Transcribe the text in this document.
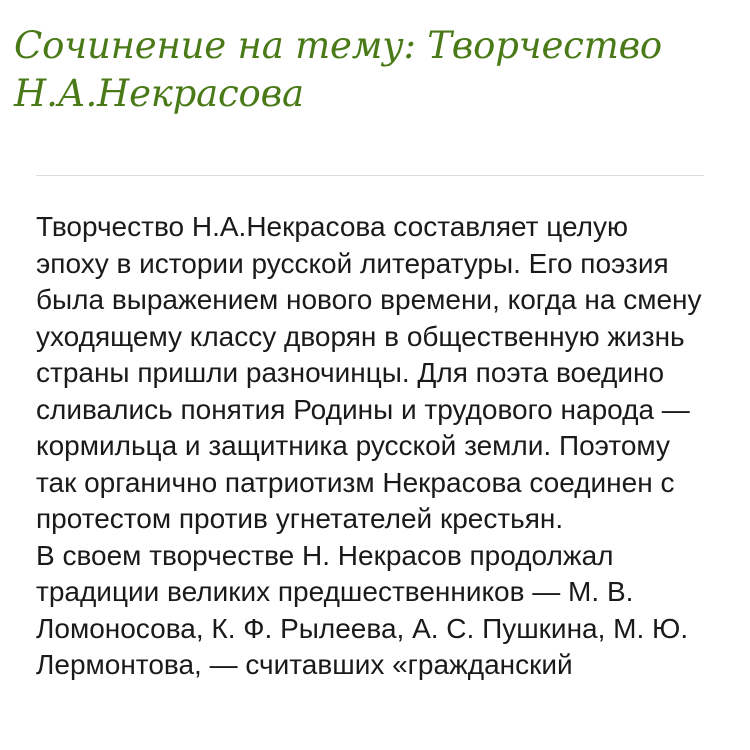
Сочинение на тему: Творчество Н.А.Некрасова

Творчество Н.А.Некрасова составляет целую эпоху в истории русской литературы. Его поэзия была выражением нового времени, когда на смену уходящему классу дворян в общественную жизнь страны пришли разночинцы. Для поэта воедино сливались понятия Родины и трудового народа — кормильца и защитника русской земли. Поэтому так органично патриотизм Некрасова соединен с протестом против угнетателей крестьян.

В своем творчестве Н. Некрасов продолжал традиции великих предшественников — М. В. Ломоносова, К. Ф. Рылеева, А. С. Пушкина, М. Ю. Лермонтова, — считавших «гражданский
